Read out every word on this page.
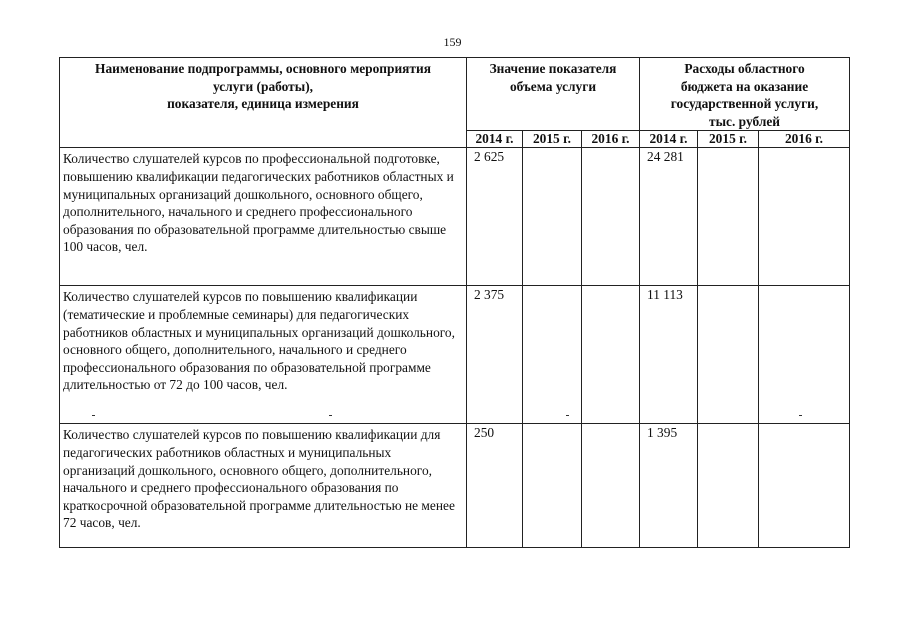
159
Наименование подпрограммы, основного мероприятия
услуги (работы),
показателя, единица измерения	Значение показателя
объема услуги			Расходы областного
бюджета на оказание
государственной услуги,
тыс. рублей		

	2014 г.	2015 г.	2016 г.	2014 г.	2015 г.	2016 г.
Количество слушателей курсов по профессиональной подготовке, повышению квалификации педагогических работников областных и муниципальных организаций дошкольного, основного общего, дополнительного, начального и среднего профессионального образования по образовательной программе длительностью свыше 100 часов, чел.	2 625			24 281		
Количество слушателей курсов по повышению квалификации (тематические и проблемные семинары) для педагогических работников областных и муниципальных организаций дошкольного, основного общего, дополнительного, начального и среднего профессионального образования по образовательной программе длительностью от 72 до 100 часов, чел.	2 375			11 113		
Количество слушателей курсов по повышению квалификации для педагогических работников областных и муниципальных организаций дошкольного, основного общего, дополнительного, начального и среднего профессионального образования по краткосрочной образовательной программе длительностью не менее 72 часов, чел.	250			1 395		
